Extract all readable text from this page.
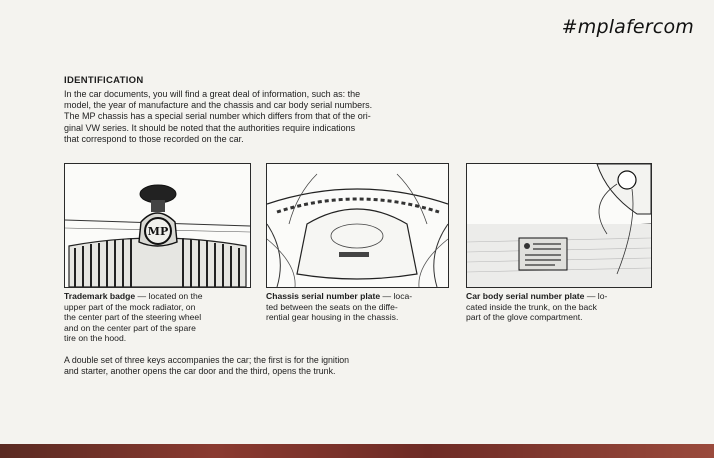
#mplafercom
IDENTIFICATION
In the car documents, you will find a great deal of information, such as: the
model, the year of manufacture and the chassis and car body serial numbers.
The MP chassis has a special serial number which differs from that of the ori-
ginal VW series. It should be noted that the authorities require indications
that correspond to those recorded on the car.
MP
Trademark badge — located on the
upper part of the mock radiator, on
the center part of the steering wheel
and on the center part of the spare
tire on the hood.
Chassis serial number plate — loca-
ted between the seats on the diffe-
rential gear housing in the chassis.
Car body serial number plate — lo-
cated inside the trunk, on the back
part of the glove compartment.
A double set of three keys accompanies the car; the first is for the ignition
and starter, another opens the car door and the third, opens the trunk.
